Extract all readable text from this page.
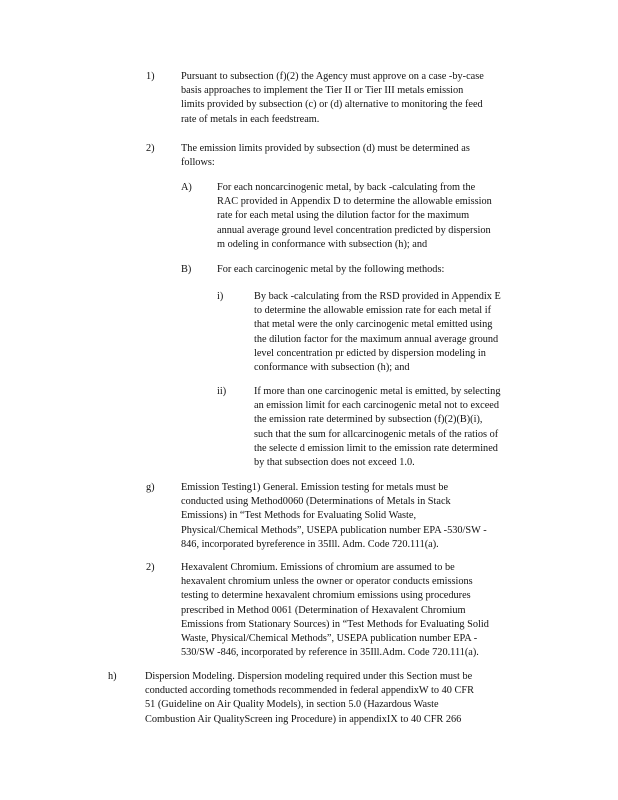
1)	Pursuant to subsection (f)(2) the Agency must approve on a case -by-case
basis approaches to implement the Tier II or Tier III metals emission
limits provided by subsection (c) or (d) alternative to monitoring the feed
rate of metals in each feedstream.
2)	The emission limits provided by subsection (d) must be determined as
follows:
A) For each noncarcinogenic metal, by back -calculating from the
RAC provided in Appendix D to determine the allowable emission
rate for each metal using the dilution factor for the maximum
annual average ground level concentration predicted by dispersion
m odeling in conformance with subsection (h); and
B) For each carcinogenic metal by the following methods:
i)	By back -calculating from the RSD provided in Appendix E
to determine the allowable emission rate for each metal if
that metal were the only carcinogenic metal emitted using
the dilution factor for the maximum annual average ground
level concentration pr edicted by dispersion modeling in
conformance with subsection (h); and
ii)	If more than one carcinogenic metal is emitted, by selecting
an emission limit for each carcinogenic metal not to exceed
the emission rate determined by subsection (f)(2)(B)(i),
such that the sum for allcarcinogenic metals of the ratios of
the selecte d emission limit to the emission rate determined
by that subsection does not exceed 1.0.
g)	Emission Testing1) General. Emission testing for metals must be
conducted using Method0060 (Determinations of Metals in Stack
Emissions) in “Test Methods for Evaluating Solid Waste,
Physical/Chemical Methods”, USEPA publication number EPA -530/SW -
846, incorporated byreference in 35Ill. Adm. Code 720.111(a).
2)	Hexavalent Chromium. Emissions of chromium are assumed to be
hexavalent chromium unless the owner or operator conducts emissions
testing to determine hexavalent chromium emissions using procedures
prescribed in Method 0061 (Determination of Hexavalent Chromium
Emissions from Stationary Sources) in “Test Methods for Evaluating Solid
Waste, Physical/Chemical Methods”, USEPA publication number EPA -
530/SW -846, incorporated by reference in 35Ill.Adm. Code 720.111(a).
h)	Dispersion Modeling. Dispersion modeling required under this Section must be
conducted according tomethods recommended in federal appendixW to 40 CFR
51 (Guideline on Air Quality Models), in section 5.0 (Hazardous Waste
Combustion Air QualityScreen ing Procedure) in appendixIX to 40 CFR 266
